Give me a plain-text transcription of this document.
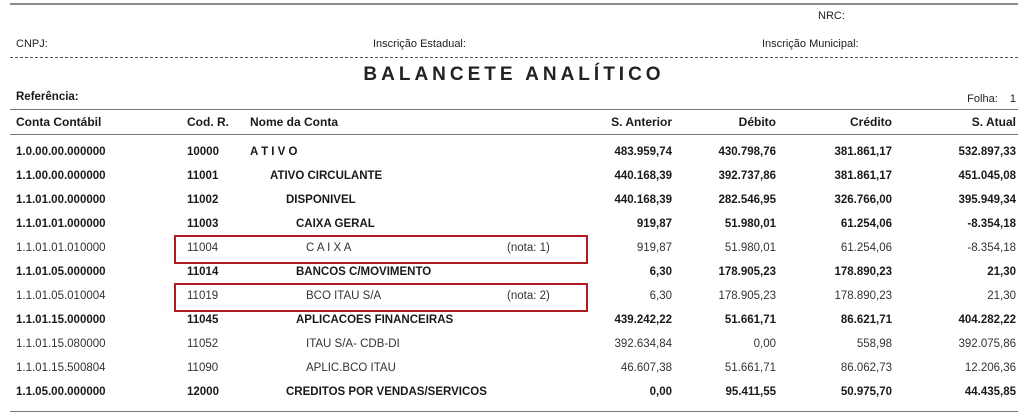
NRC:
CNPJ:	Inscrição Estadual:	Inscrição Municipal:
BALANCETE ANALÍTICO
Referência:	Folha: 1
Conta Contábil	Cod. R. Nome da Conta	S. Anterior	Débito	Crédito	S. Atual
1.0.00.00.000000	10000	A T I V O	483.959,74	430.798,76	381.861,17	532.897,33
1.1.00.00.000000	11001	ATIVO CIRCULANTE	440.168,39	392.737,86	381.861,17	451.045,08
1.1.01.00.000000	11002	DISPONIVEL	440.168,39	282.546,95	326.766,00	395.949,34
1.1.01.01.000000	11003	CAIXA GERAL	919,87	51.980,01	61.254,06	-8.354,18
1.1.01.01.010000	11004	C A I X A	(nota: 1)	919,87	51.980,01	61.254,06	-8.354,18
1.1.01.05.000000	11014	BANCOS C/MOVIMENTO	6,30	178.905,23	178.890,23	21,30
1.1.01.05.010004	11019	BCO ITAU S/A	(nota: 2)	6,30	178.905,23	178.890,23	21,30
1.1.01.15.000000	11045	APLICACOES FINANCEIRAS	439.242,22	51.661,71	86.621,71	404.282,22
1.1.01.15.080000	11052	ITAU S/A- CDB-DI	392.634,84	0,00	558,98	392.075,86
1.1.01.15.500804	11090	APLIC.BCO ITAU	46.607,38	51.661,71	86.062,73	12.206,36
1.1.05.00.000000	12000	CREDITOS POR VENDAS/SERVICOS	0,00	95.411,55	50.975,70	44.435,85
